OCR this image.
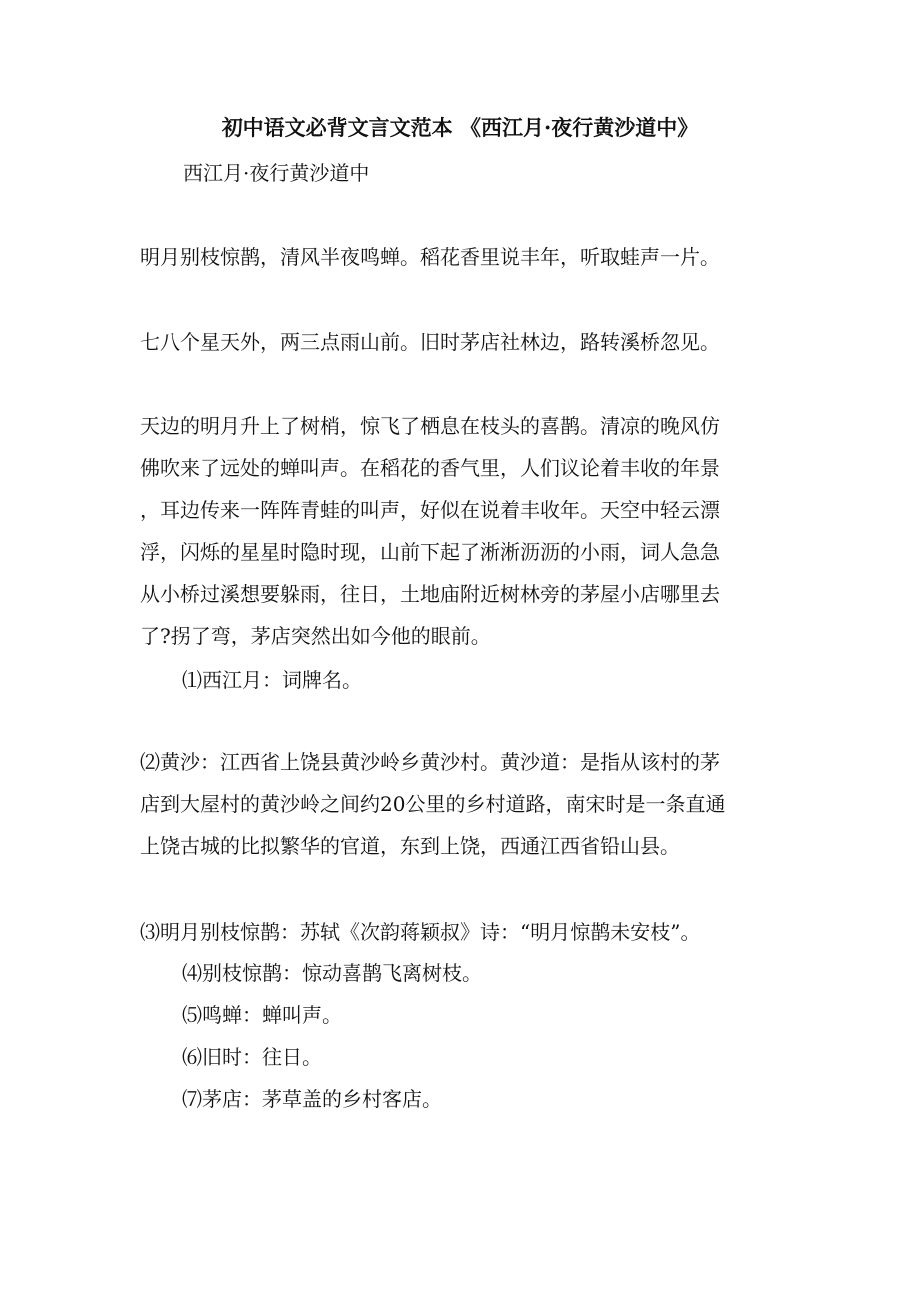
初中语文必背文言文范本 《西江月·夜行黄沙道中》
西江月·夜行黄沙道中
明月别枝惊鹊，清风半夜鸣蝉。稻花香里说丰年，听取蛙声一片。
七八个星天外，两三点雨山前。旧时茅店社林边，路转溪桥忽见。
天边的明月升上了树梢，惊飞了栖息在枝头的喜鹊。清凉的晚风仿
佛吹来了远处的蝉叫声。在稻花的香气里，人们议论着丰收的年景
，耳边传来一阵阵青蛙的叫声，好似在说着丰收年。天空中轻云漂
浮，闪烁的星星时隐时现，山前下起了淅淅沥沥的小雨，词人急急
从小桥过溪想要躲雨，往日，土地庙附近树林旁的茅屋小店哪里去
了?拐了弯，茅店突然出如今他的眼前。
⑴西江月：词牌名。
⑵黄沙：江西省上饶县黄沙岭乡黄沙村。黄沙道：是指从该村的茅
店到大屋村的黄沙岭之间约20公里的乡村道路，南宋时是一条直通
上饶古城的比拟繁华的官道，东到上饶，西通江西省铅山县。
⑶明月别枝惊鹊：苏轼《次韵蒋颖叔》诗：“明月惊鹊未安枝”。
⑷别枝惊鹊：惊动喜鹊飞离树枝。
⑸鸣蝉：蝉叫声。
⑹旧时：往日。
⑺茅店：茅草盖的乡村客店。
